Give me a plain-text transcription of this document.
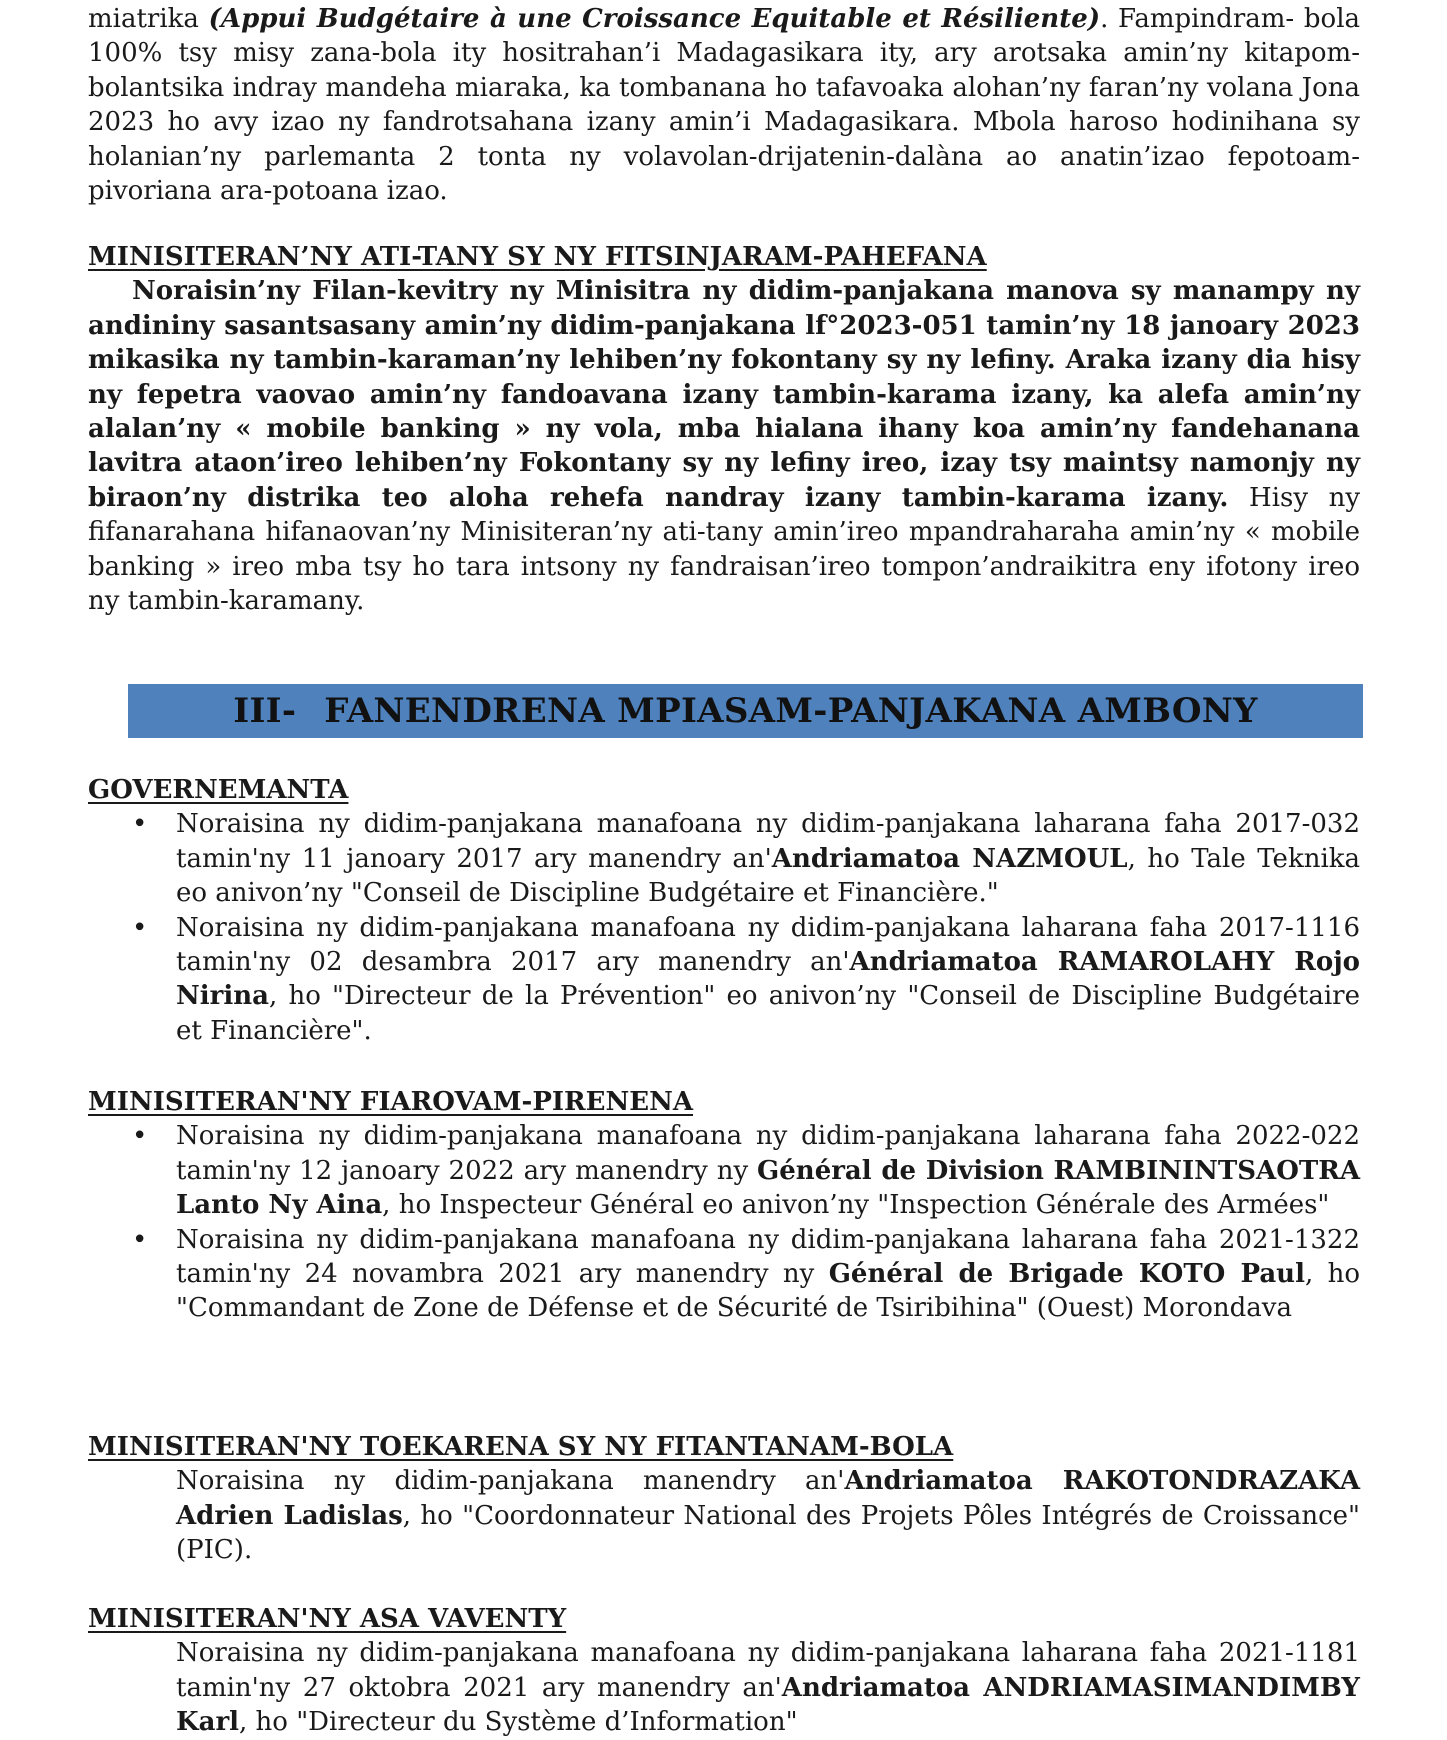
miatrika (Appui Budgétaire à une Croissance Equitable et Résiliente). Fampindram- bola 100% tsy misy zana-bola ity hositrahan’i Madagasikara ity, ary arotsaka amin’ny kitapom-bolantsika indray mandeha miaraka, ka tombanana ho tafavoaka alohan’ny faran’ny volana Jona 2023 ho avy izao ny fandrotsahana izany amin’i Madagasikara. Mbola haroso hodinihana sy holanian’ny parlemanta 2 tonta ny volavolan-drijatenin-dalàna ao anatin’izao fepotoam-pivoriana ara-potoana izao.

MINISITERAN’NY ATI-TANY SY NY FITSINJARAM-PAHEFANA

Noraisin’ny Filan-kevitry ny Minisitra ny didim-panjakana manova sy manampy ny andininy sasantsasany amin’ny didim-panjakana lf°2023-051 tamin’ny 18 janoary 2023 mikasika ny tambin-karaman’ny lehiben’ny fokontany sy ny lefiny. Araka izany dia hisy ny fepetra vaovao amin’ny fandoavana izany tambin-karama izany, ka alefa amin’ny alalan’ny « mobile banking » ny vola, mba hialana ihany koa amin’ny fandehanana lavitra ataon’ireo lehiben’ny Fokontany sy ny lefiny ireo, izay tsy maintsy namonjy ny biraon’ny distrika teo aloha rehefa nandray izany tambin-karama izany. Hisy ny fifanarahana hifanaovan’ny Minisiteran’ny ati-tany amin’ireo mpandraharaha amin’ny « mobile banking » ireo mba tsy ho tara intsony ny fandraisan’ireo tompon’andraikitra eny ifotony ireo ny tambin-karamany.

III- FANENDRENA MPIASAM-PANJAKANA AMBONY

GOVERNEMANTA

• Noraisina ny didim-panjakana manafoana ny didim-panjakana laharana faha 2017-032 tamin'ny 11 janoary 2017 ary manendry an'Andriamatoa NAZMOUL, ho Tale Teknika eo anivon’ny "Conseil de Discipline Budgétaire et Financière."
• Noraisina ny didim-panjakana manafoana ny didim-panjakana laharana faha 2017-1116 tamin'ny 02 desambra 2017 ary manendry an'Andriamatoa RAMAROLAHY Rojo Nirina, ho "Directeur de la Prévention" eo anivon’ny "Conseil de Discipline Budgétaire et Financière".

MINISITERAN'NY FIAROVAM-PIRENENA

• Noraisina ny didim-panjakana manafoana ny didim-panjakana laharana faha 2022-022 tamin'ny 12 janoary 2022 ary manendry ny Général de Division RAMBININTSAOTRA Lanto Ny Aina, ho Inspecteur Général eo anivon’ny "Inspection Générale des Armées"
• Noraisina ny didim-panjakana manafoana ny didim-panjakana laharana faha 2021-1322 tamin'ny 24 novambra 2021 ary manendry ny Général de Brigade KOTO Paul, ho "Commandant de Zone de Défense et de Sécurité de Tsiribihina" (Ouest) Morondava

MINISITERAN'NY TOEKARENA SY NY FITANTANAM-BOLA

Noraisina ny didim-panjakana manendry an'Andriamatoa RAKOTONDRAZAKA Adrien Ladislas, ho "Coordonnateur National des Projets Pôles Intégrés de Croissance"(PIC).

MINISITERAN'NY ASA VAVENTY

Noraisina ny didim-panjakana manafoana ny didim-panjakana laharana faha 2021-1181 tamin'ny 27 oktobra 2021 ary manendry an'Andriamatoa ANDRIAMASIMANDIMBY Karl, ho "Directeur du Système d’Information"
